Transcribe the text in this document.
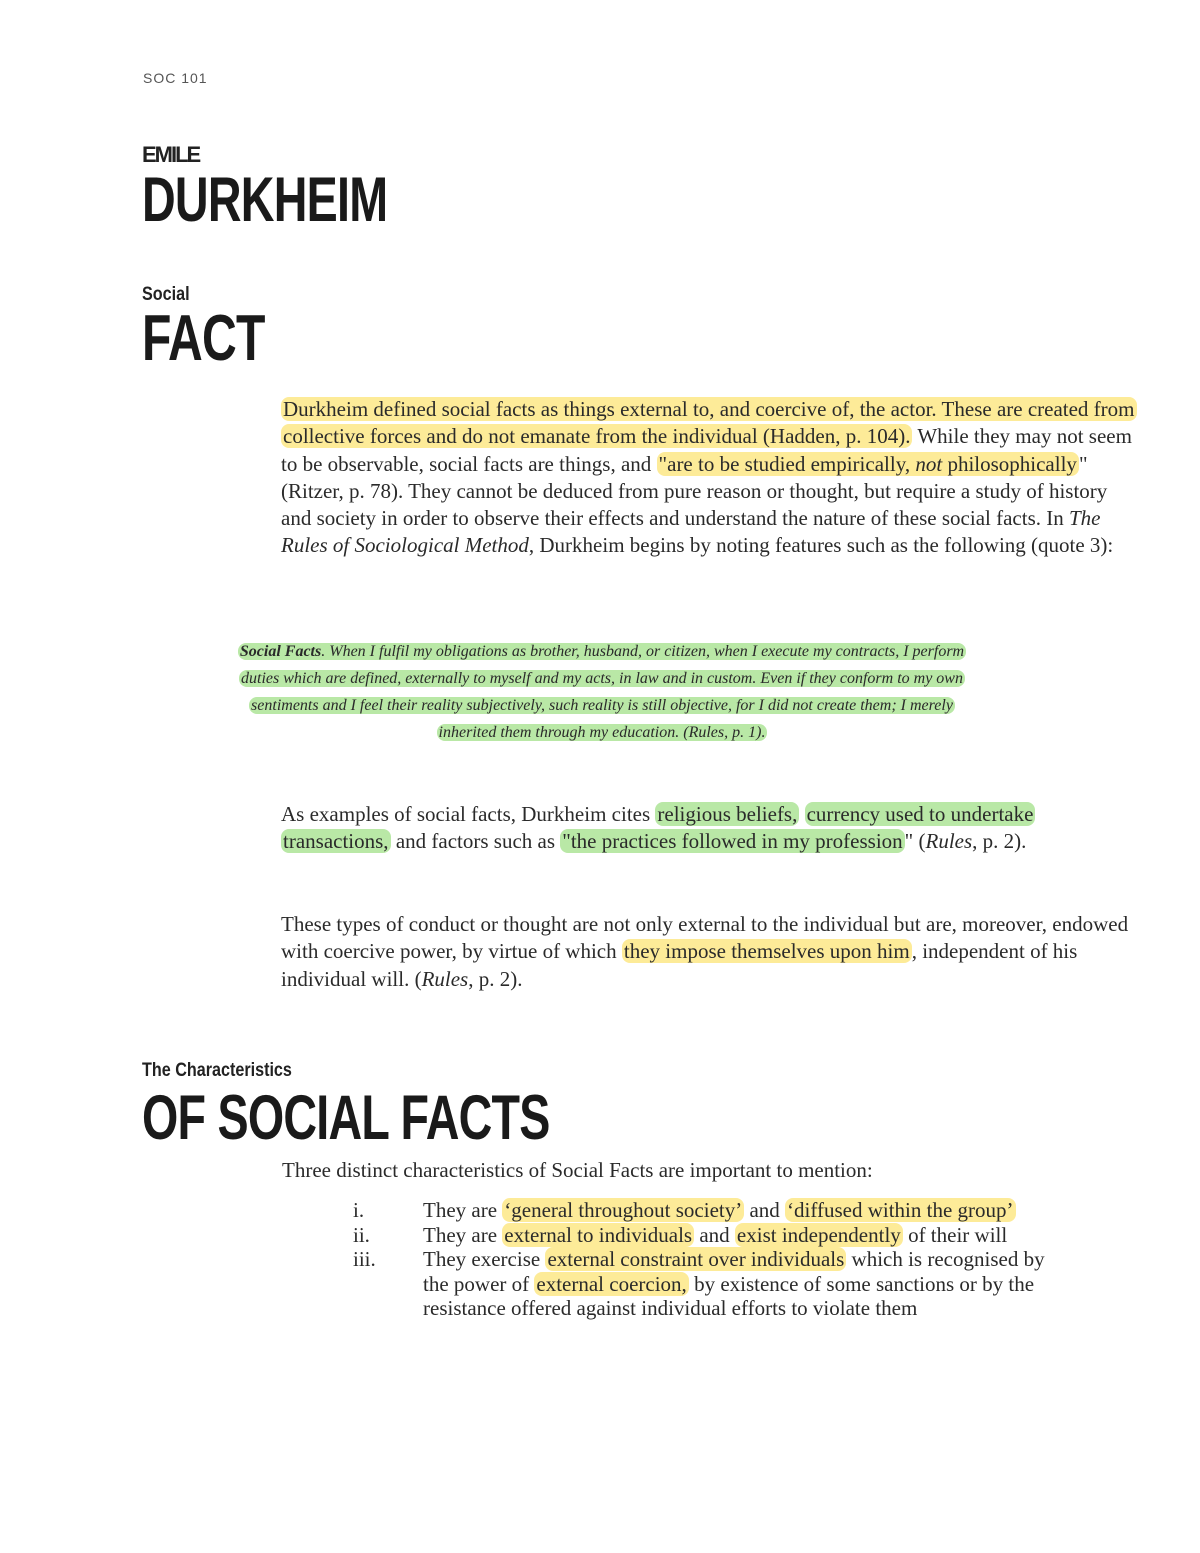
SOC 101
EMILE
DURKHEIM
Social
FACT
Durkheim defined social facts as things external to, and coercive of, the actor. These are created from collective forces and do not emanate from the individual (Hadden, p. 104). While they may not seem to be observable, social facts are things, and "are to be studied empirically, not philosophically" (Ritzer, p. 78). They cannot be deduced from pure reason or thought, but require a study of history and society in order to observe their effects and understand the nature of these social facts. In The Rules of Sociological Method, Durkheim begins by noting features such as the following (quote 3):
Social Facts. When I fulfil my obligations as brother, husband, or citizen, when I execute my contracts, I perform duties which are defined, externally to myself and my acts, in law and in custom. Even if they conform to my own sentiments and I feel their reality subjectively, such reality is still objective, for I did not create them; I merely inherited them through my education. (Rules, p. 1).
As examples of social facts, Durkheim cites religious beliefs, currency used to undertake transactions, and factors such as "the practices followed in my profession" (Rules, p. 2).
These types of conduct or thought are not only external to the individual but are, moreover, endowed with coercive power, by virtue of which they impose themselves upon him, independent of his individual will. (Rules, p. 2).
The Characteristics
OF SOCIAL FACTS
Three distinct characteristics of Social Facts are important to mention:
i.	They are ‘general throughout society’ and ‘diffused within the group’
ii.	They are external to individuals and exist independently of their will
iii. They exercise external constraint over individuals which is recognised by the power of external coercion, by existence of some sanctions or by the resistance offered against individual efforts to violate them
